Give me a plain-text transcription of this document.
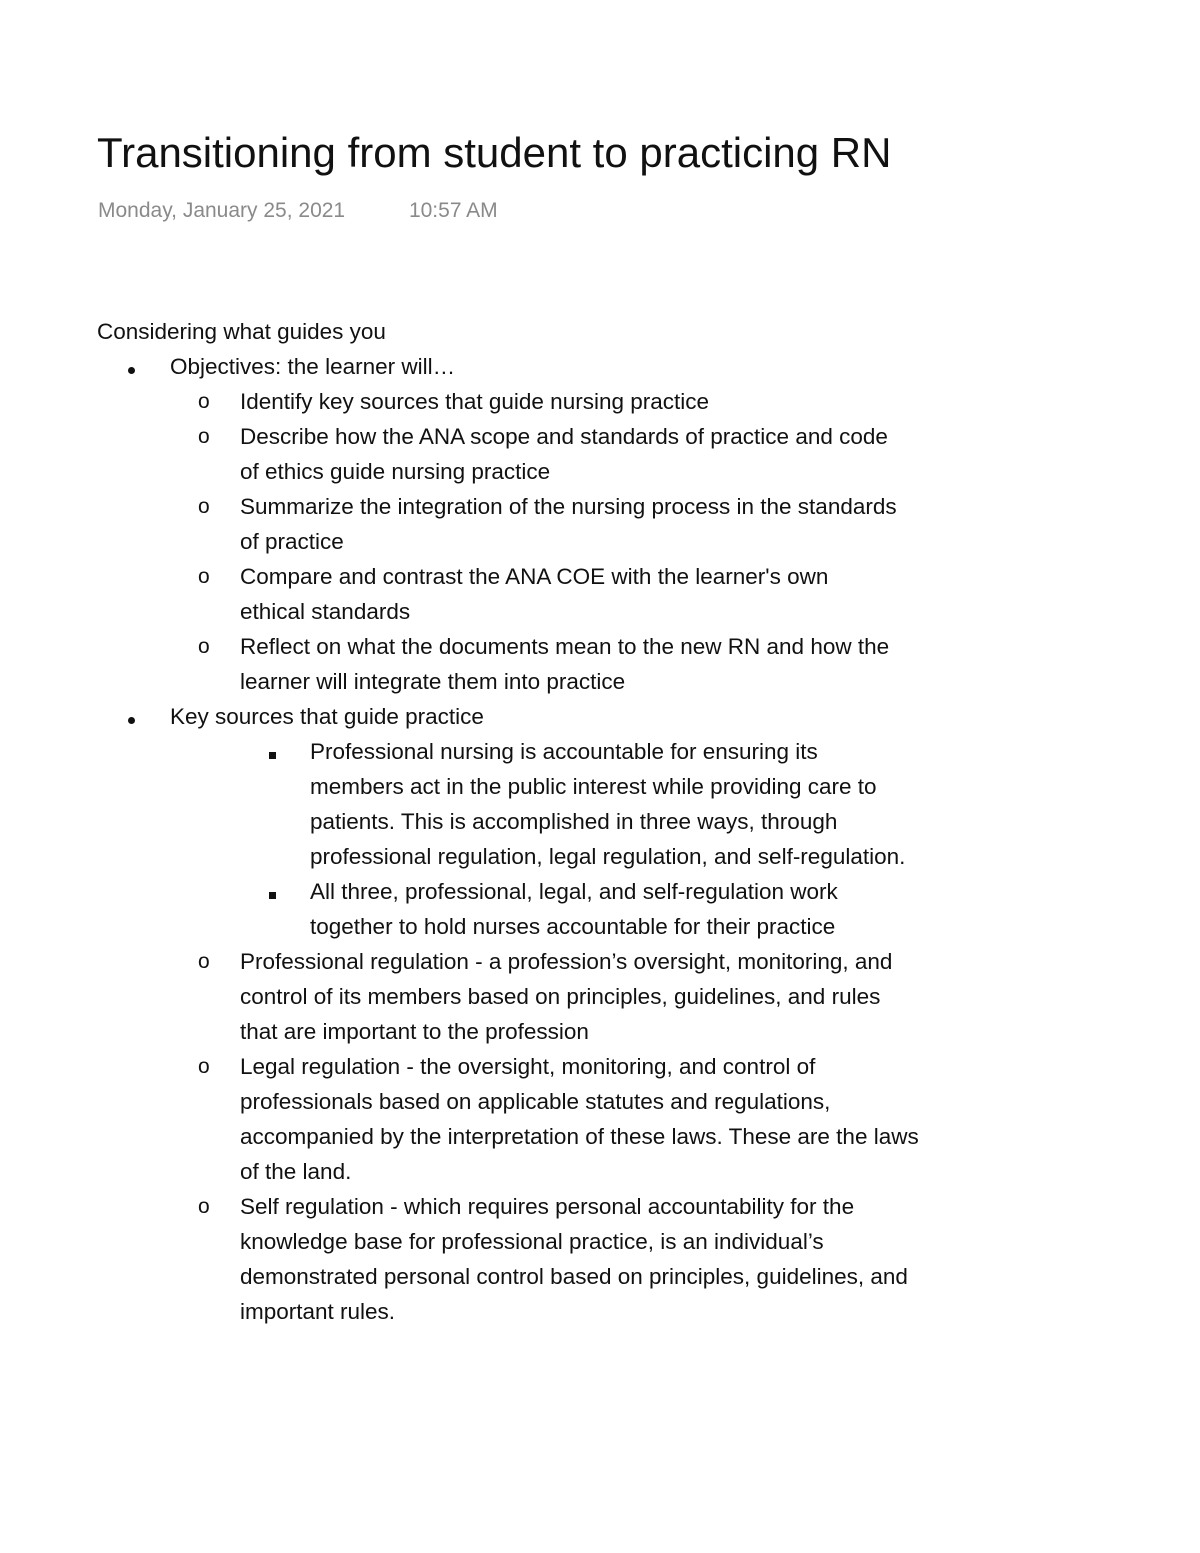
Transitioning from student to practicing RN
Monday, January 25, 2021	10:57 AM

Considering what guides you

Objectives: the learner will…
o Identify key sources that guide nursing practice
o Describe how the ANA scope and standards of practice and code of ethics guide nursing practice
o Summarize the integration of the nursing process in the standards of practice
o Compare and contrast the ANA COE with the learner's own ethical standards
o Reflect on what the documents mean to the new RN and how the learner will integrate them into practice
Key sources that guide practice
Professional nursing is accountable for ensuring its members act in the public interest while providing care to patients. This is accomplished in three ways, through professional regulation, legal regulation, and self-regulation.
All three, professional, legal, and self-regulation work together to hold nurses accountable for their practice
o Professional regulation - a profession’s oversight, monitoring, and control of its members based on principles, guidelines, and rules that are important to the profession
o Legal regulation - the oversight, monitoring, and control of professionals based on applicable statutes and regulations, accompanied by the interpretation of these laws. These are the laws of the land.
o Self regulation - which requires personal accountability for the knowledge base for professional practice, is an individual’s demonstrated personal control based on principles, guidelines, and important rules.
